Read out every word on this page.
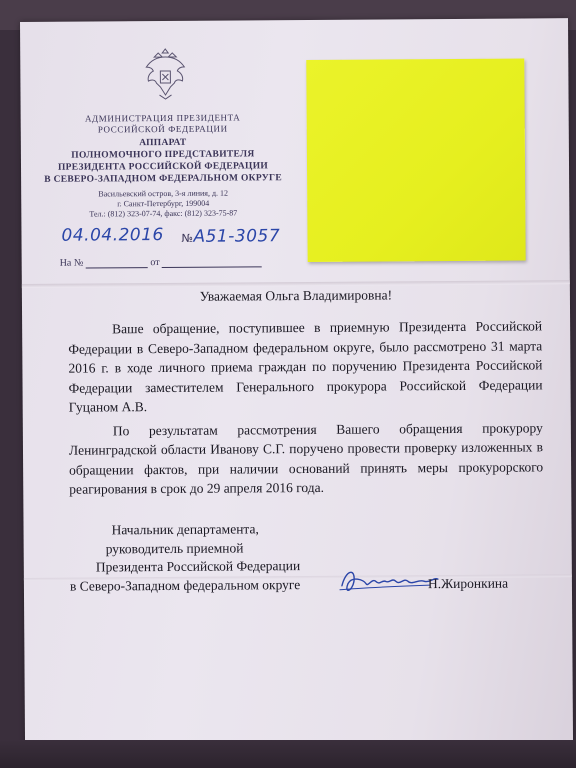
АДМИНИСТРАЦИЯ ПРЕЗИДЕНТА
РОССИЙСКОЙ ФЕДЕРАЦИИ
АППАРАТ
ПОЛНОМОЧНОГО ПРЕДСТАВИТЕЛЯ
ПРЕЗИДЕНТА РОССИЙСКОЙ ФЕДЕРАЦИИ
В СЕВЕРО-ЗАПАДНОМ ФЕДЕРАЛЬНОМ ОКРУГЕ
Васильевский остров, 3-я линия, д. 12
г. Санкт-Петербург, 199004
Тел.: (812) 323-07-74, факс: (812) 323-75-87
04.04.2016 №А51-3057
На №	от
Уважаемая Ольга Владимировна!

Ваше обращение, поступившее в приемную Президента Российской Федерации в Северо-Западном федеральном округе, было рассмотрено 31 марта 2016 г. в ходе личного приема граждан по поручению Президента Российской Федерации заместителем Генерального прокурора Российской Федерации Гуцаном А.В.

По результатам рассмотрения Вашего обращения прокурору Ленинградской области Иванову С.Г. поручено провести проверку изложенных в обращении фактов, при наличии оснований принять меры прокурорского реагирования в срок до 29 апреля 2016 года.

Начальник департамента,
руководитель приемной
Президента Российской Федерации
в Северо-Западном федеральном округе	Н.Жиронкина
